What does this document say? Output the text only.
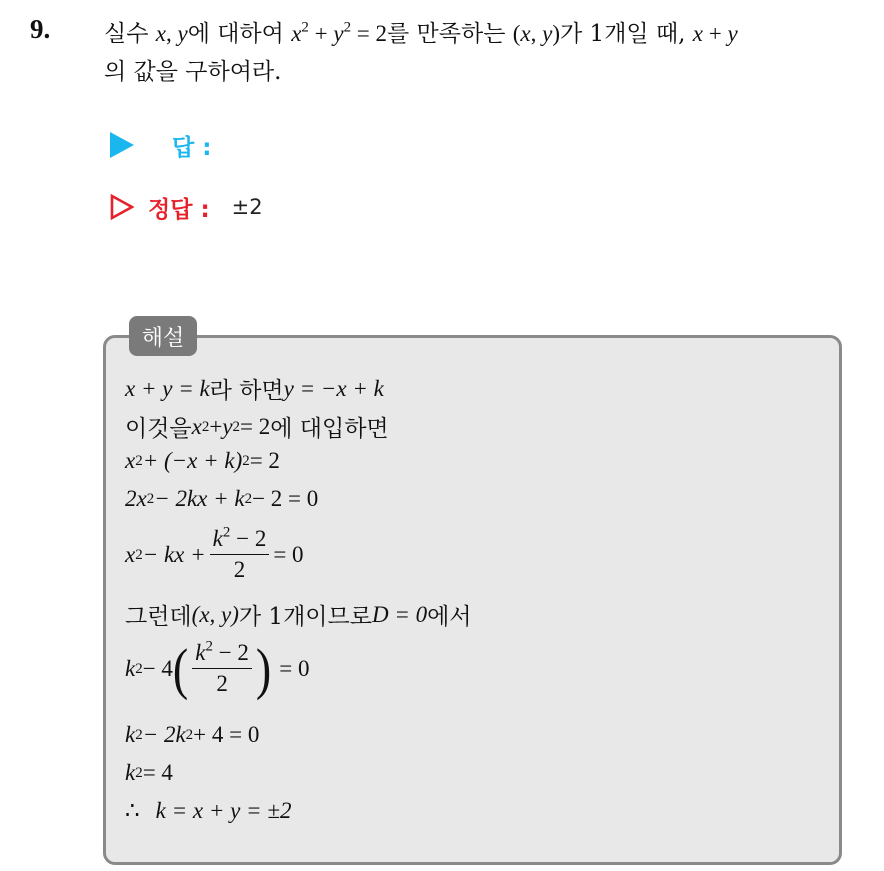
9. 실수 x, y에 대하여 $x^2 + y^2 = 2$를 만족하는 (x, y)가 1개일 때, x + y
의 값을 구하여라.
답 :
정답 : ±2
해설
x + y = k 라 하면 y = −x + k
이것을 x 2 + y 2 = 2 에 대입하면
x 2 + (−x + k) 2 = 2
2x 2 − 2kx + k 2 − 2 = 0
x 2 − kx + $\frac{k^2 - 2}{2} = 0$
그런데 (x, y) 가 1개이므로 D = 0 에서
k 2 − 4 ( $\frac{k^2 - 2}{2}$ ) = 0
k 2 − 2k 2 + 4 = 0
k 2 = 4
∴ k = x + y = ±2
